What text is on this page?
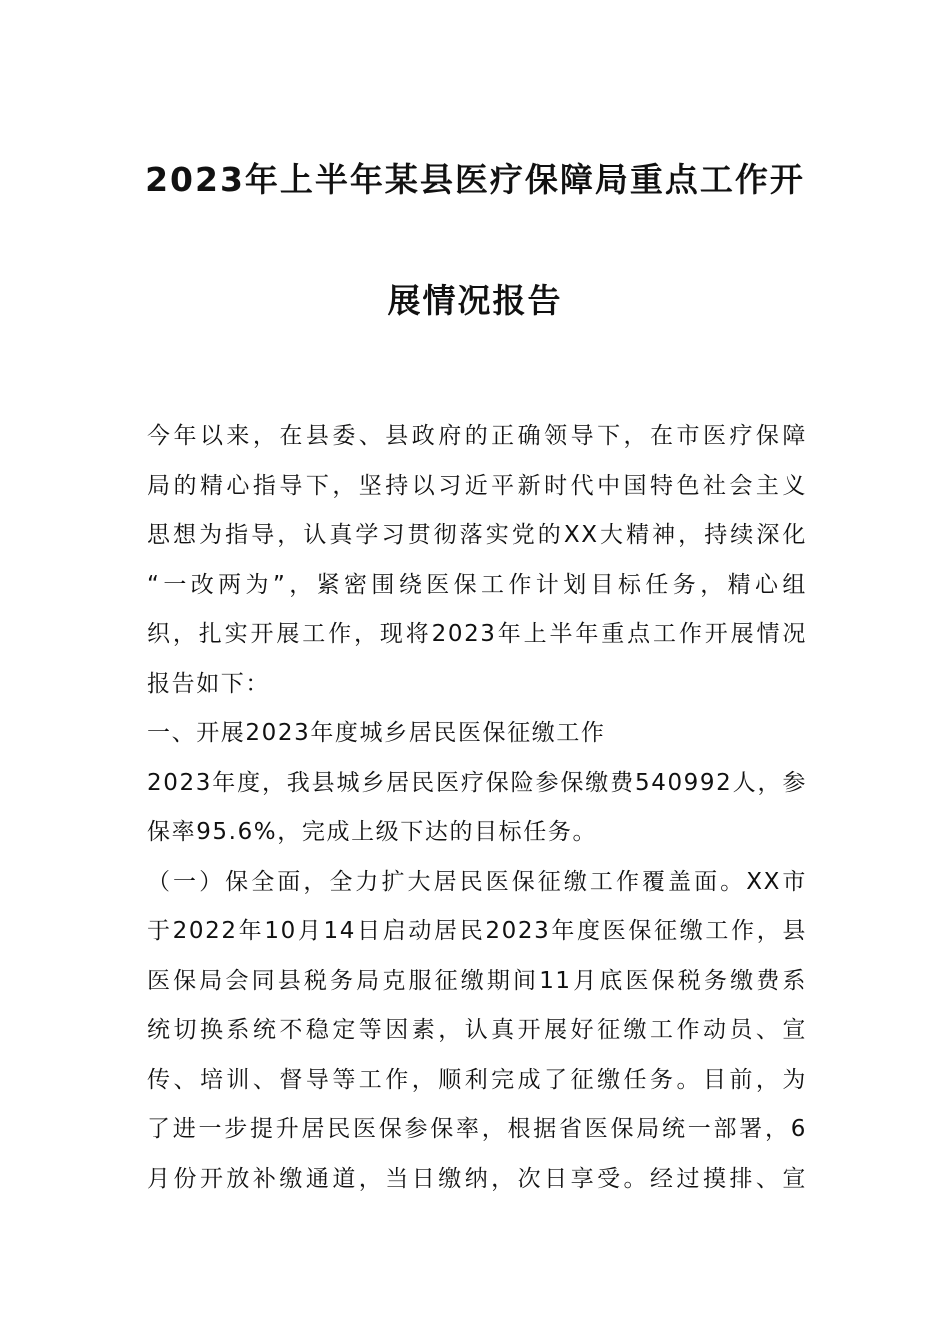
2023年上半年某县医疗保障局重点工作开
展情况报告
今年以来，在县委、县政府的正确领导下，在市医疗保障
局的精心指导下，坚持以习近平新时代中国特色社会主义
思想为指导，认真学习贯彻落实党的XX大精神，持续深化
“一改两为”，紧密围绕医保工作计划目标任务，精心组
织，扎实开展工作，现将2023年上半年重点工作开展情况
报告如下：
一、开展2023年度城乡居民医保征缴工作
2023年度，我县城乡居民医疗保险参保缴费540992人，参
保率95.6%，完成上级下达的目标任务。
（一）保全面，全力扩大居民医保征缴工作覆盖面。XX市
于2022年10月14日启动居民2023年度医保征缴工作，县
医保局会同县税务局克服征缴期间11月底医保税务缴费系
统切换系统不稳定等因素，认真开展好征缴工作动员、宣
传、培训、督导等工作，顺利完成了征缴任务。目前，为
了进一步提升居民医保参保率，根据省医保局统一部署，6
月份开放补缴通道，当日缴纳，次日享受。经过摸排、宣
